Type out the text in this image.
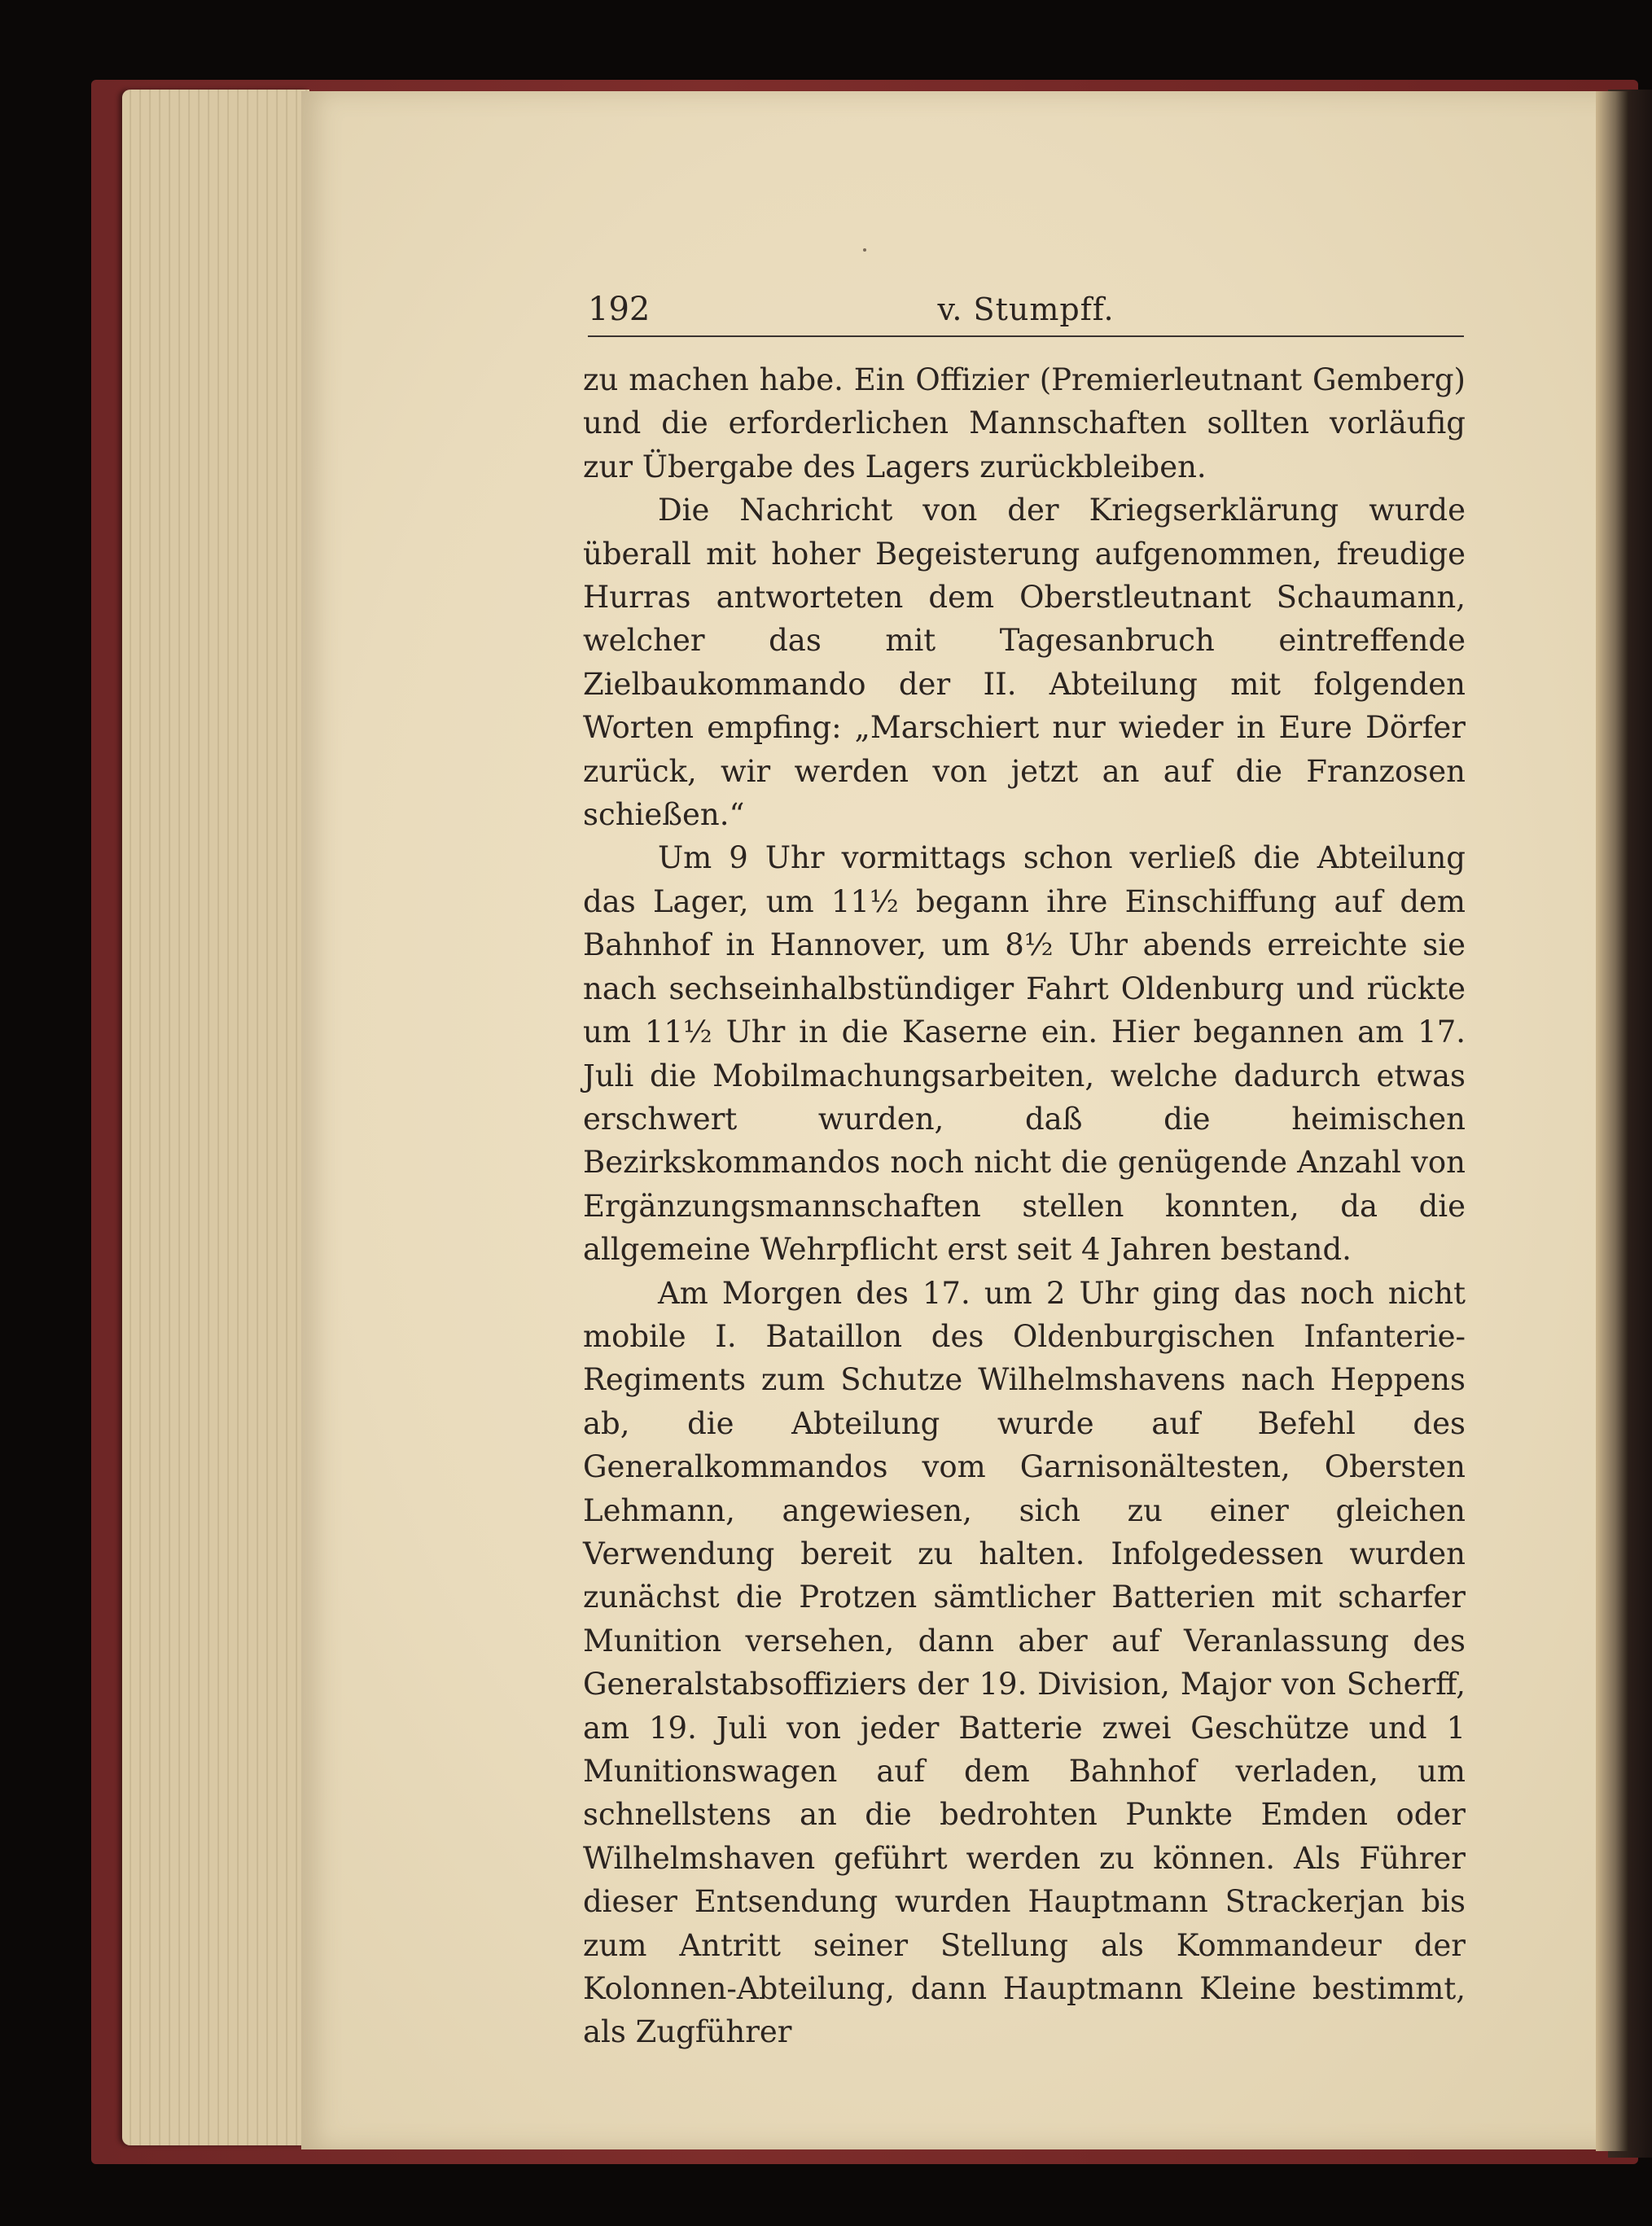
192	v. Stumpff.

zu machen habe. Ein Offizier (Premierleutnant Gemberg) und die erforderlichen Mannschaften sollten vorläufig zur Übergabe des Lagers zurückbleiben.

Die Nachricht von der Kriegserklärung wurde überall mit hoher Begeisterung aufgenommen, freudige Hurras antworteten dem Oberstleutnant Schaumann, welcher das mit Tagesanbruch eintreffende Zielbaukommando der II. Abteilung mit folgenden Worten empfing: „Marschiert nur wieder in Eure Dörfer zurück, wir werden von jetzt an auf die Franzosen schießen.“

Um 9 Uhr vormittags schon verließ die Abteilung das Lager, um 11½ begann ihre Einschiffung auf dem Bahnhof in Hannover, um 8½ Uhr abends erreichte sie nach sechseinhalbstündiger Fahrt Oldenburg und rückte um 11½ Uhr in die Kaserne ein. Hier begannen am 17. Juli die Mobilmachungsarbeiten, welche dadurch etwas erschwert wurden, daß die heimischen Bezirkskommandos noch nicht die genügende Anzahl von Ergänzungsmannschaften stellen konnten, da die allgemeine Wehrpflicht erst seit 4 Jahren bestand.

Am Morgen des 17. um 2 Uhr ging das noch nicht mobile I. Bataillon des Oldenburgischen Infanterie-Regiments zum Schutze Wilhelmshavens nach Heppens ab, die Abteilung wurde auf Befehl des Generalkommandos vom Garnisonältesten, Obersten Lehmann, angewiesen, sich zu einer gleichen Verwendung bereit zu halten. Infolgedessen wurden zunächst die Protzen sämtlicher Batterien mit scharfer Munition versehen, dann aber auf Veranlassung des Generalstabsoffiziers der 19. Division, Major von Scherff, am 19. Juli von jeder Batterie zwei Geschütze und 1 Munitionswagen auf dem Bahnhof verladen, um schnellstens an die bedrohten Punkte Emden oder Wilhelmshaven geführt werden zu können. Als Führer dieser Entsendung wurden Hauptmann Strackerjan bis zum Antritt seiner Stellung als Kommandeur der Kolonnen-Abteilung, dann Hauptmann Kleine bestimmt, als Zugführer
